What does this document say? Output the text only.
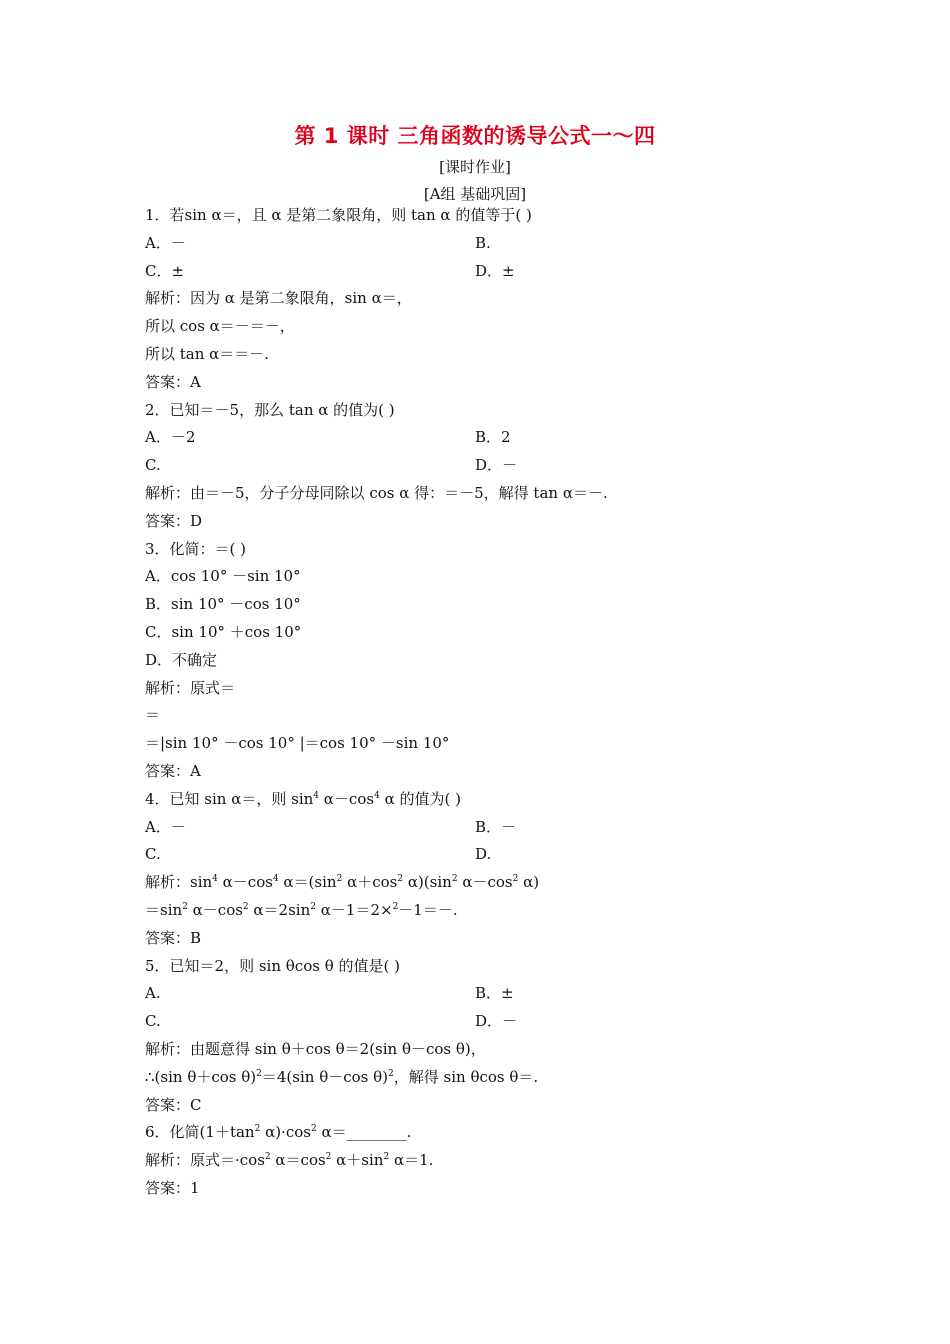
第 1 课时 三角函数的诱导公式一～四
[课时作业]
[A组 基础巩固]
1．若sin α＝，且 α 是第二象限角，则 tan α 的值等于( )
A．－	B.
C．±	D．±
解析：因为 α 是第二象限角，sin α＝，
所以 cos α＝－＝－，
所以 tan α＝＝－.
答案：A
2．已知＝－5，那么 tan α 的值为( )
A．－2	B．2
C.	D．－
解析：由＝－5，分子分母同除以 cos α 得：＝－5，解得 tan α＝－.
答案：D
3．化简：＝( )
A．cos 10° －sin 10°
B．sin 10° －cos 10°
C．sin 10° ＋cos 10°
D．不确定
解析：原式＝
＝
＝|sin 10° －cos 10° |＝cos 10° －sin 10°
答案：A
4．已知 sin α＝，则 $\sin^4 \alpha-\cos^4$ α 的值为( )
A．－	B．－
C.	D.
解析：$\sin^4 \alpha-\cos^4$ $\alpha=(\sin^2$ $\alpha+\cos^2$ $\alpha)(\sin^2$ $\alpha-\cos^2$ α)
$=\sin^2$ $\alpha-\cos^2$ $\alpha=2\sin^2$ α－1＝2×$^2$－1＝－.
答案：B
5．已知＝2，则 sin θcos θ 的值是( )
A.	B．±
C.	D．－
解析：由题意得 sin θ＋cos θ＝2(sin θ－cos θ)，
∴(sin θ＋cos θ)$^2$＝4(sin θ－cos θ)$^2$，解得 sin θcos θ＝.
答案：C
6．化简($1+\tan^2$ $\alpha)\cdot\cos^2$ α＝________.
解析：原式$=\cdot\cos^2$ $\alpha=\cos^2$ $\alpha+\sin^2$ α＝1.
答案：1
